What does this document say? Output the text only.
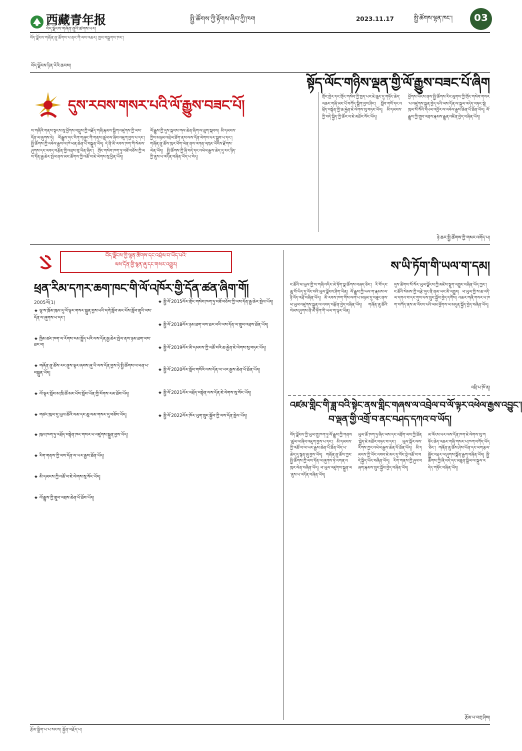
西藏青年报
བོད་ལྗོངས་གཞོན་ནུའི་ཚགས་པར།
སྤྱི་ཚོགས་ཀྱི་རྟོགས་ཞིབ་ཀྱི་ཁག	2023.11.17	སྤྱི་ཚོགས་ལྷན་ཁང་།	03
བོད་ལྗོངས་གཞོན་ནུ་ཚོགས་པ་ནང་གི་ལས་འཆར། ཁྱབ་བསྒྲགས་ཁང་།
བོད་ལྗོངས་ཉིན་རེའི་ཆབས།
སྟོད་ལོང་གཉིས་ལྡན་གྱི་ལོ་རྒྱུས་བཟང་པོ་ཞིག
དུས་རབས་གསར་པའི་ལོ་རྒྱུས་བཟང་པོ།
ས་གཞིའི་གནས་སྟངས་སུ་ཕྱོགས་བསྡུས་ཀྱི་བརྗོད་གཞི་རྣམས་སྒྲིག་འཛུགས་ཀྱི་ལས་དོན་ལ་ཞུགས་ཏེ། ལོ་རྒྱུས་དང་རིག་གཞུང་གི་གནས་ཚུལ་ལ་ཞིབ་འཇུག་བྱས་པ་དང་། སྤྱི་ཚོགས་ཀྱི་འཕེལ་རྒྱས་ལ་ཁེ་ཕན་ཆེན་པོ་བསྐྲུན་ཡོད། དེ་ནི་མི་རབས་ཁག་གི་སེམས་ཤུགས་དང་འབད་བརྩོན་གྱི་འབྲས་བུ་ཡིན་ཞིང་། གྲོང་གསེབ་ཁག་ཏུ་བཟོ་བཅོས་ཀྱི་ལས་དོན་རྒྱ་ཆེར་སྤེལ་ནས་མང་ཚོགས་ཀྱི་འཚོ་བ་ཇེ་ལེགས་སུ་ཕྱིན་ཡོད།
ལོ་རྒྱུས་ཀྱི་དུས་སྐབས་གལ་ཆེན་ཞིག་ལ་ཐུག་སྐབས། མི་དམངས་ཀྱིས་མཉམ་འབྲེལ་ཐོག་ནས་ལས་དོན་ལེགས་པར་སྒྲུབ་པ་དང་། གཞོན་ནུ་ཚོས་ཁུར་ཕོག་ལེན་ནས་འགན་འཁུར་ཡོངས་རྫོགས་ལེན་ཡོད། སྤྱི་ཚོགས་ཀྱི་ཞི་བདེ་དང་འཕེལ་རྒྱས་ཆེད་དུ་རང་ཉིད་ཀྱི་ནུས་པ་འདོན་བཞིན་ཡོད་པ་རེད།
གྲོང་ཁྱེར་དང་གྲོང་གསེབ་ཀྱི་ཁྱད་པར་ཇེ་ཆུང་དུ་གཏོང་ཆེད་འཆར་གཞི་མང་པོ་བཀོད་སྒྲིག་བྱས་ཤིང་། སློབ་གསོ་དང་འཕྲོད་བསྟེན་གྱི་ཆ་རྐྱེན་ཇེ་ལེགས་སུ་བཏང་ཡོད། མི་དམངས་ཀྱི་བདེ་སྐྱིད་ཀྱི་ཚོར་བ་ཇེ་མཐོར་སོང་ཡོད།
ཕྱོགས་ཡོངས་ནས་སྤྱི་ཚོགས་རིང་ལུགས་ཀྱི་གྲོང་གསེབ་གསར་པ་འཛུགས་སྐྲུན་བྱེད་པའི་ལས་དོན་ལ་སྐུལ་འདེད་བཏང་སྟེ། ཁུལ་སོ་སོའི་དཔལ་འབྱོར་ལ་འཕེལ་རྒྱས་ཆེན་པོ་ཐོན་ཡོད། ལོ་རྒྱུས་ཀྱི་གྲུབ་འབྲས་རྣམས་རྒྱུན་འཛིན་བྱེད་བཞིན་ཡོད།
ཉེ་ཆར་སྤྱི་ཚོགས་ཀྱི་གསར་འགོད་པ།
བོད་ལྗོངས་ཀྱི་ལྷན་ཚོགས་དང་འབྲེལ་བ་ཡོད་པའི་
ལས་དོན་གྱི་སྙན་ཞུ་དང་གསར་འགྱུར།
ཕྲན་རིམ་དཀར་ཆག་ཁང་གི་ལོ་འཁོར་གྱི་དོན་ཚན་ཞིག་གོ།
2005ལོ(1)
★ ལྷ་ས་ཁྲོམ་ཁུལ་དུ་ལོ་ལྟར་གསར་སྐྲུན་བྱས་པའི་དགེ་སློབ་མང་པོས་སློབ་གྲྭའི་ལས་དོན་ལ་ཞུགས་པ་དང་།
★ ཁྱིམ་ཚང་ཁག་ལ་རོགས་རམ་སྤྲོད་པའི་ལས་དོན་རྒྱ་ཆེར་སྤེལ་ནས་ཉམ་ཐག་ལས་ཐར་བ།
★ གཞོན་ནུ་ཚོས་རང་ནུས་ལྟར་ཞབས་ཞུ་ཡི་ལས་དོན་བྱས་ཏེ་སྤྱི་ཚོགས་ལ་ཕན་པ་བསྐྲུན་ཡོད།
★ ལོ་ལྟར་སློབ་མ་ཁྲི་ཚོ་མང་པོས་སློབ་ཡོན་གྱི་རོགས་རམ་ཐོབ་ཡོད།
★ གཙང་ཁུལ་དུ་ཡུལ་ཚོའི་ལམ་དང་ཆུ་ལམ་གསར་དུ་བཟོས་ཡོད།
★ ཁུལ་ཁག་ཏུ་འཕྲོད་བསྟེན་ཁང་གསར་པ་འཛུགས་སྐྲུན་བྱས་ཡོད།
★ རིག་གནས་ཀྱི་ལས་དོན་ལ་ཡར་རྒྱས་ཐོན་ཡོད།
★ མི་དམངས་ཀྱི་འཚོ་བ་ཇེ་ལེགས་སུ་སོང་ཡོད།
★ ལོ་རྒྱུས་ཀྱི་གྲུབ་འབྲས་ཆེན་པོ་ཐོབ་ཡོད།
★ སྤྱི་ལོ་2015ལོར་གྲོང་གསེབ་ཁག་ཏུ་བཟོ་བཅོས་ཀྱི་ལས་དོན་རྒྱ་ཆེར་སྤེལ་ཡོད།
★ སྤྱི་ལོ་2018ལོར་ཉམ་ཐག་ལས་ཐར་བའི་ལས་དོན་ལ་གྲུབ་འབྲས་ཐོན་ཡོད།
★ སྤྱི་ལོ་2019ལོར་མི་དམངས་ཀྱི་འཚོ་བའི་ཆ་རྐྱེན་ཇེ་ལེགས་སུ་བཏང་ཡོད།
★ སྤྱི་ལོ་2020ལོར་སློབ་གསོའི་ལས་དོན་ལ་ཡར་རྒྱས་ཆེན་པོ་ཐོན་ཡོད།
★ སྤྱི་ལོ་2021ལོར་འཕྲོད་བསྟེན་ལས་དོན་ཇེ་ལེགས་སུ་སོང་ཡོད།
★ སྤྱི་ལོ་2022ལོར་ཁོར་ཡུག་སྲུང་སྐྱོབ་ཀྱི་ལས་དོན་སྤེལ་ཡོད།
ས་ཡི་ཏོག་གི་ཡལ་ག་དམ།
ང་ཚོའི་ཕ་ཡུལ་གྱི་ས་གཞི་འདིར་མེ་ཏོག་སྣ་ཚོགས་བཞད་ཅིང་། རི་བོ་དང་ཆུ་བོ་ཡིད་དུ་འོང་བའི་ཡུལ་ལྗོངས་ཤིག་ཡིན། ལོ་རྒྱུས་ཀྱི་ཡལ་ག་རྣམས་ལ་ཉི་འོད་འཕྲོ་བཞིན་ཡོད། མི་རབས་ཁག་གིས་ལག་པ་མཉམ་དུ་བཟུང་ནས་ཕ་ཡུལ་འཛུགས་སྐྲུན་ལ་འབད་བརྩོན་བྱེད་བཞིན་ཡོད། གཞོན་ནུ་ཚོའི་སེམས་ཤུགས་ནི་མེ་ཏོག་གི་ཡལ་ག་ལྟར་ཡིན།
དུས་ཚིགས་སོ་སོར་ཡུལ་ལྗོངས་ཀྱི་མཛེས་སྡུག་འགྱུར་བཞིན་ཡོད་ཀྱང་། ང་ཚོའི་སེམས་ཀྱི་བརྩེ་དུང་ནི་ནམ་ཡང་མི་འགྱུར། ཕ་ཡུལ་གྱི་ས་ཆ་འདི་ལ་དགའ་བ་དང་གུས་པས་སྲུང་སྐྱོབ་བྱེད་དགོས། འཆར་གཞི་གསར་པ་ཁག་བཀོད་ནས་མ་འོངས་པའི་ལམ་ཕྱོགས་ལ་མདུན་སྐྱོད་བྱེད་བཞིན་ཡོད།
འབྲི་པ་ཁོ་ན།
འཛམ་གླིང་གི་ཟླ་བའི་སྟེང་ནས་གླིང་གཞས་ལ་འབྲེལ་བ་ལོ་ལྟར་འཕེལ་རྒྱས་འབྱུང་།
བ་ལྡན་གྱི་འགྲོ་བ་ནང་བཤད་དཀའ་བ་ཡོད།
བོད་ལྗོངས་ཀྱི་ཡུལ་གྲུ་ཁག་ཏུ་ལོ་རྒྱུས་ཀྱི་གནས་ཚུལ་ལ་ཞིབ་འཇུག་བྱས་པ་དང་། མི་དམངས་ཀྱི་འཚོ་བ་ལ་ཡར་རྒྱས་ཆེན་པོ་ཐོན་ཡོད་པ་ཆེད་དུ་སྙན་ཞུ་བྱས་ཡོད། གཞོན་ནུ་ཚོས་ཀྱང་སྤྱི་ཚོགས་ཀྱི་ལས་དོན་ལ་ཞུགས་ཏེ་འགན་འཁུར་ལེན་བཞིན་ཡོད། ཕ་ཡུལ་འཛུགས་སྐྲུན་ལ་ནུས་པ་འདོན་བཞིན་ཡོད།
ཡུལ་ཚོ་ཁག་ཏུ་ཞིང་ལས་དང་འབྲོག་ལས་ཀྱི་ཐོན་སྐྱེད་ཇེ་མཐོར་བཏང་བ་དང་། ཡུལ་སྐོར་ལས་རིགས་ཀྱང་འཕེལ་རྒྱས་ཆེན་པོ་ཐོན་ཡོད། མི་དམངས་ཀྱི་ཡོང་འབབ་ཇེ་མང་དུ་སོང་སྟེ་འཚོ་བ་བདེ་སྐྱིད་ཡོང་བཞིན་ཡོད། རིག་གནས་ཀྱི་ཤུལ་བཞག་རྣམས་སྲུང་སྐྱོབ་བྱེད་བཞིན་ཡོད།
མ་འོངས་པར་ལས་དོན་ཁག་ཇེ་ལེགས་སུ་གཏོང་ཆེད་འཆར་གཞི་གསར་པ་ཁག་བཀོད་ཡོད་ཅིང་། གཞོན་ནུ་ཚོས་ཤེས་ཡོན་དང་ལག་རྩལ་སྦྱོང་བརྡར་ལ་ཤུགས་སྣོན་རྒྱག་བཞིན་ཡོད། སྤྱི་ཚོགས་ཀྱི་ཞི་བདེ་དང་མཐུན་སྒྲིལ་ལ་སྐུལ་འདེད་གཏོང་བཞིན་ཡོད།
རྩོམ་པ་བཀྲ་ཤིས།
རྩོམ་སྒྲིག་པ་པ་སངས། སྐྱོན་བརྗོད་པ།
